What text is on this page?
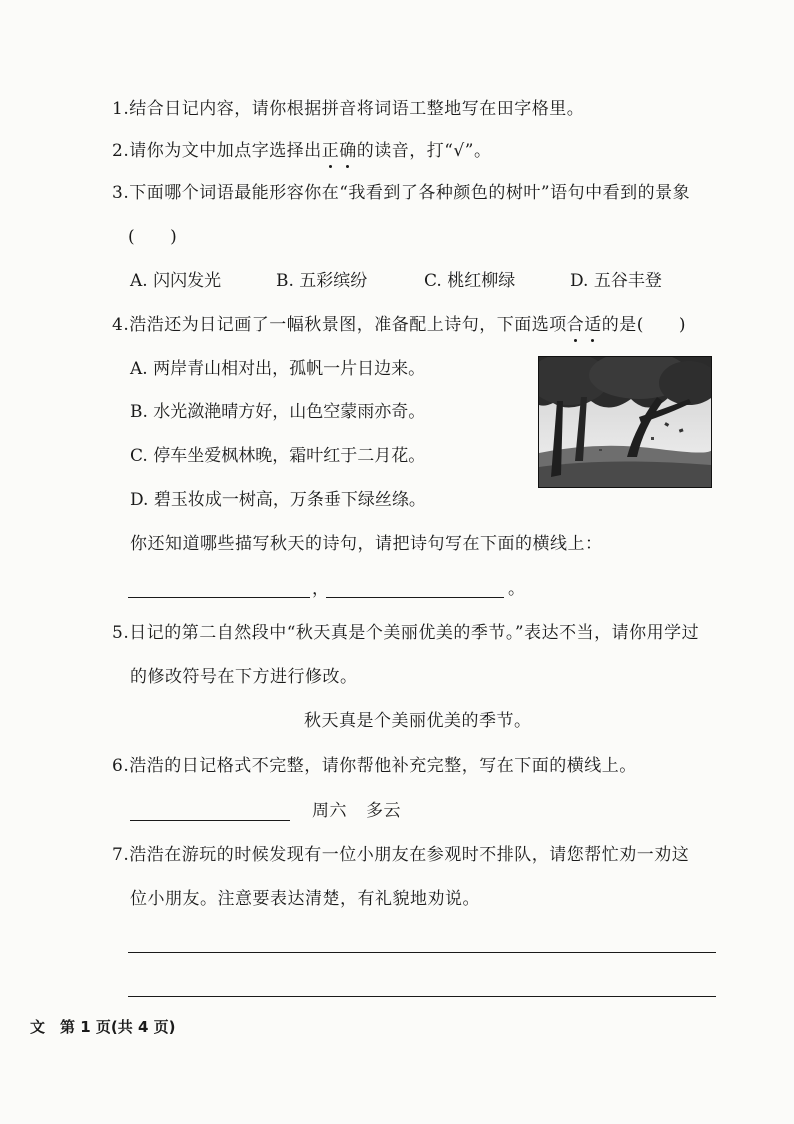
1.结合日记内容，请你根据拼音将词语工整地写在田字格里。
2.请你为文中加点字选择出正确的读音，打“√”。
3.下面哪个词语最能形容你在“我看到了各种颜色的树叶”语句中看到的景象
(　　)
A. 闪闪发光	B. 五彩缤纷	C. 桃红柳绿	D. 五谷丰登
4.浩浩还为日记画了一幅秋景图，准备配上诗句，下面选项合适的是(　　)
A. 两岸青山相对出，孤帆一片日边来。
B. 水光潋滟晴方好，山色空蒙雨亦奇。
C. 停车坐爱枫林晚，霜叶红于二月花。
D. 碧玉妆成一树高，万条垂下绿丝绦。
你还知道哪些描写秋天的诗句，请把诗句写在下面的横线上：
，	。
5.日记的第二自然段中“秋天真是个美丽优美的季节。”表达不当，请你用学过
的修改符号在下方进行修改。
秋天真是个美丽优美的季节。
6.浩浩的日记格式不完整，请你帮他补充完整，写在下面的横线上。
周六 多云
7.浩浩在游玩的时候发现有一位小朋友在参观时不排队，请您帮忙劝一劝这
位小朋友。注意要表达清楚，有礼貌地劝说。
文　第 1 页(共 4 页)
